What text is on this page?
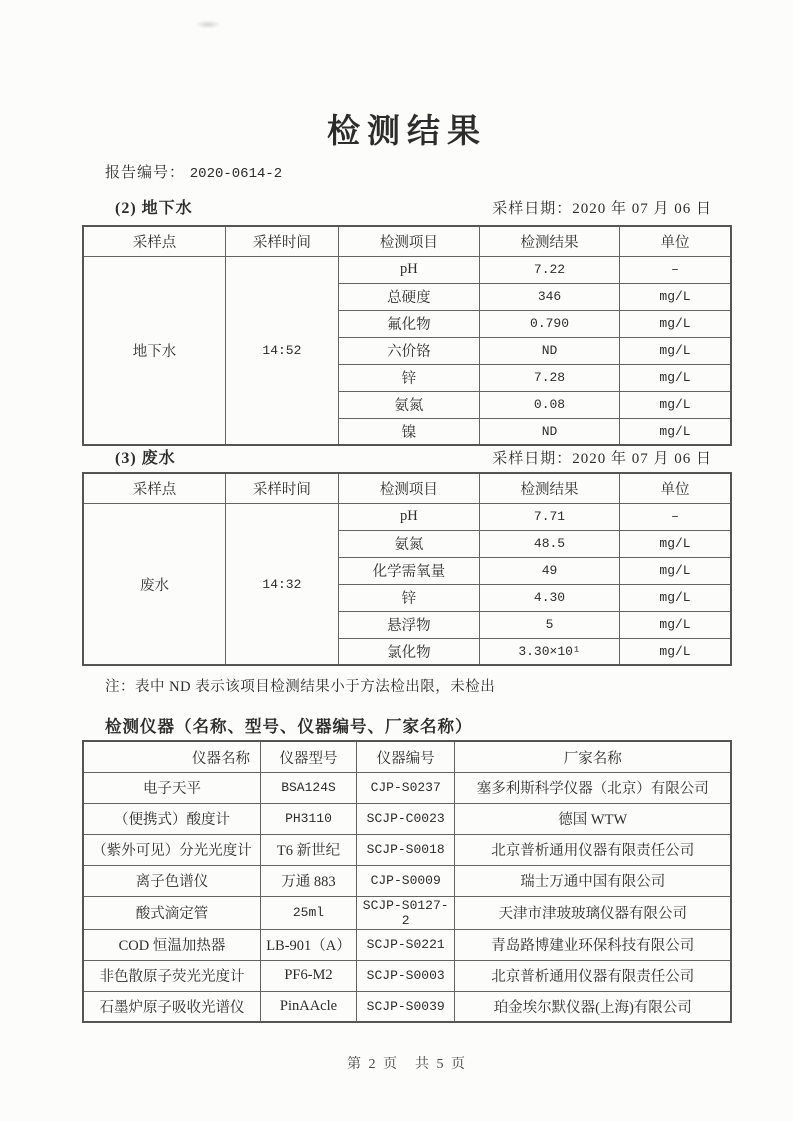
检测结果
报告编号： 2020-0614-2
(2) 地下水	采样日期：2020 年 07 月 06 日
采样点	采样时间	检测项目	检测结果	单位
地下水	14:52	pH	7.22	–
		总硬度	346	mg/L
		氟化物	0.790	mg/L
		六价铬	ND	mg/L
		锌	7.28	mg/L
		氨氮	0.08	mg/L
		镍	ND	mg/L
(3) 废水	采样日期：2020 年 07 月 06 日
采样点	采样时间	检测项目	检测结果	单位
废水	14:32	pH	7.71	–
		氨氮	48.5	mg/L
		化学需氧量	49	mg/L
		锌	4.30	mg/L
		悬浮物	5	mg/L
		氯化物	3.30×10¹	mg/L
注：表中 ND 表示该项目检测结果小于方法检出限，未检出
检测仪器（名称、型号、仪器编号、厂家名称）
仪器名称	仪器型号	仪器编号	厂家名称
电子天平	BSA124S	CJP-S0237	塞多利斯科学仪器（北京）有限公司
（便携式）酸度计	PH3110	SCJP-C0023	德国 WTW
（紫外可见）分光光度计	T6 新世纪	SCJP-S0018	北京普析通用仪器有限责任公司
离子色谱仪	万通 883	CJP-S0009	瑞士万通中国有限公司
酸式滴定管	25ml	SCJP-S0127-2	天津市津玻玻璃仪器有限公司
COD 恒温加热器	LB-901（A）	SCJP-S0221	青岛路博建业环保科技有限公司
非色散原子荧光光度计	PF6-M2	SCJP-S0003	北京普析通用仪器有限责任公司
石墨炉原子吸收光谱仪	PinAAcle	SCJP-S0039	珀金埃尔默仪器(上海)有限公司
第 2 页　共 5 页
